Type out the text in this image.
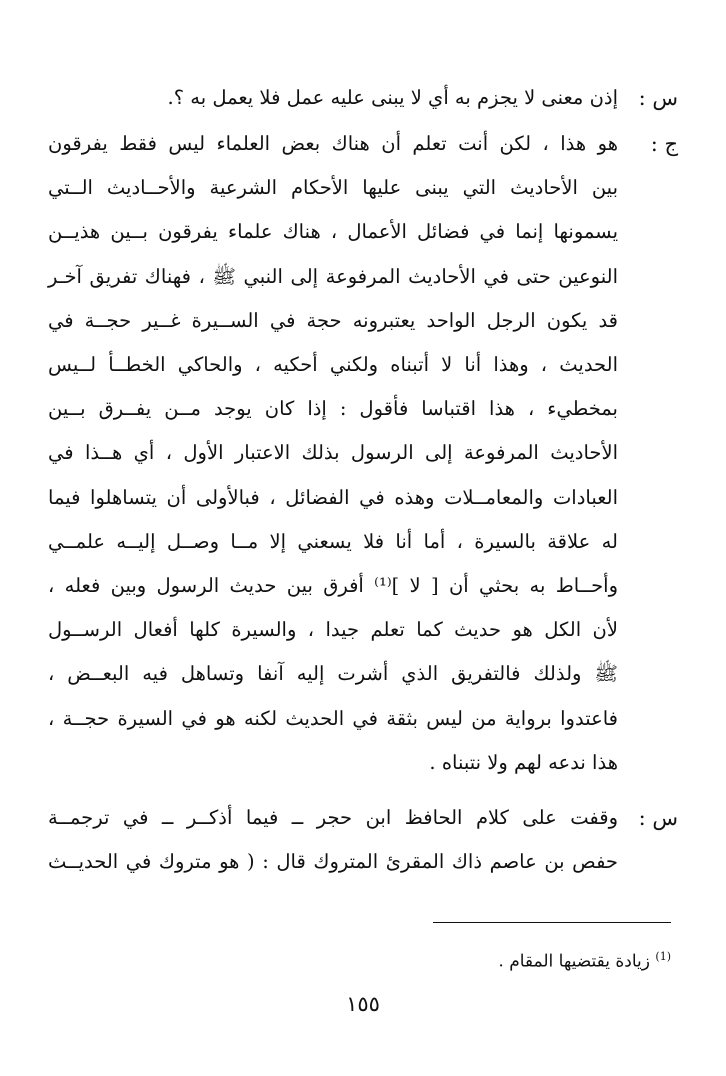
س :
إذن معنى لا يجزم به أي لا يبنى عليه عمل فلا يعمل به ؟.
ج :
هو هذا ، لكن أنت تعلم أن هناك بعض العلماء ليس فقط يفرقون
بين الأحاديث التي يبنى عليها الأحكام الشرعية والأحــاديث الــتي
يسمونها إنما في فضائل الأعمال ، هناك علماء يفرقون بــين هذيــن
النوعين حتى في الأحاديث المرفوعة إلى النبي ﷺ ، فهناك تفريق آخـر
قد يكون الرجل الواحد يعتبرونه حجة في الســيرة غــير حجــة في
الحديث ، وهذا أنا لا أتبناه ولكني أحكيه ، والحاكي الخطــأ لــيس
بمخطيء ، هذا اقتباسا فأقول : إذا كان يوجد مــن يفــرق بــين
الأحاديث المرفوعة إلى الرسول بذلك الاعتبار الأول ، أي هــذا في
العبادات والمعامــلات وهذه في الفضائل ، فبالأولى أن يتساهلوا فيما
له علاقة بالسيرة ، أما أنا فلا يسعني إلا مــا وصــل إليــه علمــي
وأحــاط به بحثي أن [ لا ]⁽¹⁾ أفرق بين حديث الرسول وبين فعله ،
لأن الكل هو حديث كما تعلم جيدا ، والسيرة كلها أفعال الرســول
ﷺ ولذلك فالتفريق الذي أشرت إليه آنفا وتساهل فيه البعــض ،
فاعتدوا برواية من ليس بثقة في الحديث لكنه هو في السيرة حجــة ،
هذا ندعه لهم ولا نتبناه .
س :
وقفت على كلام الحافظ ابن حجر ــ فيما أذكــر ــ في ترجمــة
حفص بن عاصم ذاك المقرئ المتروك قال : ( هو متروك في الحديــث
$^{(1)}$ زيادة يقتضيها المقام .
١٥٥
